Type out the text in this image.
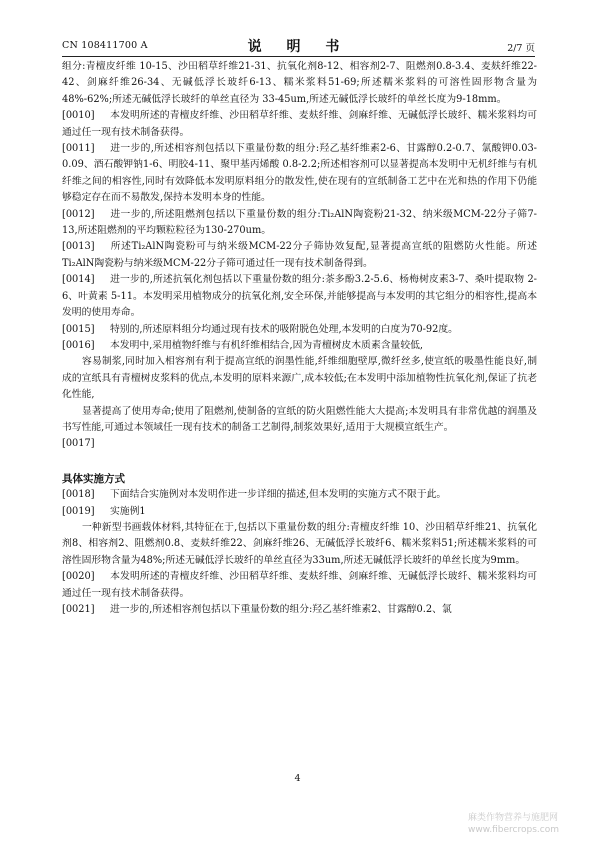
CN 108411700 A	说 明 书	2/7 页

组分:青檀皮纤维 10-15、沙田稻草纤维21-31、抗氧化剂8-12、相容剂2-7、阻燃剂0.8-3.4、麦麸纤维22-42、剑麻纤维26-34、无碱低浮长玻纤6-13、糯米浆料51-69;所述糯米浆料的可溶性固形物含量为48%-62%;所述无碱低浮长玻纤的单丝直径为 33-45um,所述无碱低浮长玻纤的单丝长度为9-18mm。

[0010] 本发明所述的青檀皮纤维、沙田稻草纤维、麦麸纤维、剑麻纤维、无碱低浮长玻纤、糯米浆料均可通过任一现有技术制备获得。

[0011] 进一步的,所述相容剂包括以下重量份数的组分:羟乙基纤维素2-6、甘露醇0.2-0.7、氯酸钾0.03-0.09、酒石酸钾钠1-6、明胶4-11、聚甲基丙烯酸 0.8-2.2;所述相容剂可以显著提高本发明中无机纤维与有机纤维之间的相容性,同时有效降低本发明原料组分的散发性,使在现有的宣纸制备工艺中在光和热的作用下仍能够稳定存在而不易散发,保持本发明本身的性能。

[0012] 进一步的,所述阻燃剂包括以下重量份数的组分:Ti₂AlN陶瓷粉21-32、纳米级MCM-22分子筛7-13,所述阻燃剂的平均颗粒粒径为130-270um。

[0013] 所述Ti₂AlN陶瓷粉可与纳米级MCM-22分子筛协效复配,显著提高宣纸的阻燃防火性能。所述Ti₂AlN陶瓷粉与纳米级MCM-22分子筛可通过任一现有技术制备得到。

[0014] 进一步的,所述抗氧化剂包括以下重量份数的组分:茶多酚3.2-5.6、杨梅树皮素3-7、桑叶提取物 2-6、叶黄素 5-11。本发明采用植物成分的抗氧化剂,安全环保,并能够提高与本发明的其它组分的相容性,提高本发明的使用寿命。

[0015] 特别的,所述原料组分均通过现有技术的吸附脱色处理,本发明的白度为70-92度。

[0016] 本发明中,采用植物纤维与有机纤维相结合,因为青檀树皮木质素含量较低,

容易制浆,同时加入相容剂有利于提高宣纸的润墨性能,纤维细胞壁厚,微纤丝多,使宣纸的吸墨性能良好,制成的宣纸具有青檀树皮浆料的优点,本发明的原料来源广,成本较低;在本发明中添加植物性抗氧化剂,保证了抗老化性能,

显著提高了使用寿命;使用了阻燃剂,使制备的宣纸的防火阻燃性能大大提高;本发明具有非常优越的润墨及书写性能,可通过本领域任一现有技术的制备工艺制得,制浆效果好,适用于大规模宣纸生产。

[0017]

具体实施方式

[0018] 下面结合实施例对本发明作进一步详细的描述,但本发明的实施方式不限于此。

[0019] 实施例1

一种新型书画载体材料,其特征在于,包括以下重量份数的组分:青檀皮纤维 10、沙田稻草纤维21、抗氧化剂8、相容剂2、阻燃剂0.8、麦麸纤维22、剑麻纤维26、无碱低浮长玻纤6、糯米浆料51;所述糯米浆料的可溶性固形物含量为48%;所述无碱低浮长玻纤的单丝直径为33um,所述无碱低浮长玻纤的单丝长度为9mm。

[0020] 本发明所述的青檀皮纤维、沙田稻草纤维、麦麸纤维、剑麻纤维、无碱低浮长玻纤、糯米浆料均可通过任一现有技术制备获得。

[0021] 进一步的,所述相容剂包括以下重量份数的组分:羟乙基纤维素2、甘露醇0.2、氯

4
麻类作物营养与施肥网
www.fibercrops.com
